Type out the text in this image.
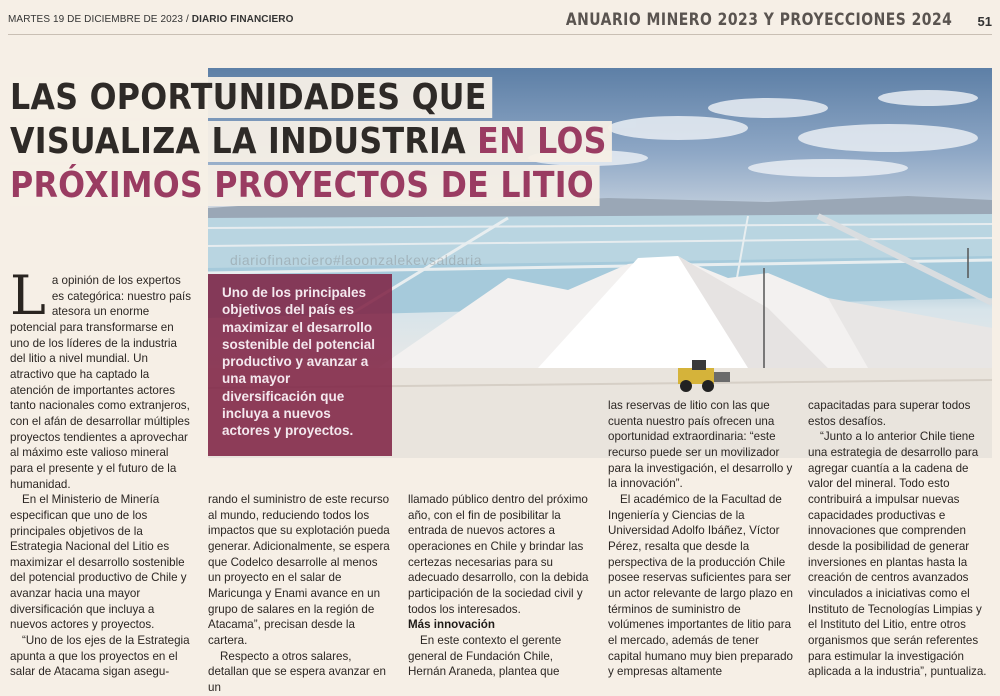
MARTES 19 DE DICIEMBRE DE 2023 / DIARIO FINANCIERO	ANUARIO MINERO 2023 Y PROYECCIONES 2024 51
diariofinanciero#laoonzalekevsaldaria
LAS OPORTUNIDADES QUE
VISUALIZA LA INDUSTRIA EN LOS
PRÓXIMOS PROYECTOS DE LITIO

Uno de los principales objetivos del país es maximizar el desarrollo sostenible del potencial productivo y avanzar a una mayor diversificación que incluya a nuevos actores y proyectos.

La opinión de los expertos es categórica: nuestro país atesora un enorme potencial para transformarse en uno de los líderes de la industria del litio a nivel mundial. Un atractivo que ha captado la atención de importantes actores tanto nacionales como extranjeros, con el afán de desarrollar múltiples proyectos tendientes a aprovechar al máximo este valioso mineral para el presente y el futuro de la humanidad.

En el Ministerio de Minería especifican que uno de los principales objetivos de la Estrategia Nacional del Litio es maximizar el desarrollo sostenible del potencial productivo de Chile y avanzar hacia una mayor diversificación que incluya a nuevos actores y proyectos.

“Uno de los ejes de la Estrategia apunta a que los proyectos en el salar de Atacama sigan asegu-

rando el suministro de este recurso al mundo, reduciendo todos los impactos que su explotación pueda generar. Adicionalmente, se espera que Codelco desarrolle al menos un proyecto en el salar de Maricunga y Enami avance en un grupo de salares en la región de Atacama”, precisan desde la cartera.

Respecto a otros salares, detallan que se espera avanzar en un

llamado público dentro del próximo año, con el fin de posibilitar la entrada de nuevos actores a operaciones en Chile y brindar las certezas necesarias para su adecuado desarrollo, con la debida participación de la sociedad civil y todos los interesados.

Más innovación

En este contexto el gerente general de Fundación Chile, Hernán Araneda, plantea que

las reservas de litio con las que cuenta nuestro país ofrecen una oportunidad extraordinaria: “este recurso puede ser un movilizador para la investigación, el desarrollo y la innovación”.

El académico de la Facultad de Ingeniería y Ciencias de la Universidad Adolfo Ibáñez, Víctor Pérez, resalta que desde la perspectiva de la producción Chile posee reservas suficientes para ser un actor relevante de largo plazo en términos de suministro de volúmenes importantes de litio para el mercado, además de tener capital humano muy bien preparado y empresas altamente

capacitadas para superar todos estos desafíos.

“Junto a lo anterior Chile tiene una estrategia de desarrollo para agregar cuantía a la cadena de valor del mineral. Todo esto contribuirá a impulsar nuevas capacidades productivas e innovaciones que comprenden desde la posibilidad de generar inversiones en plantas hasta la creación de centros avanzados vinculados a iniciativas como el Instituto de Tecnologías Limpias y el Instituto del Litio, entre otros organismos que serán referentes para estimular la investigación aplicada a la industria”, puntualiza.
